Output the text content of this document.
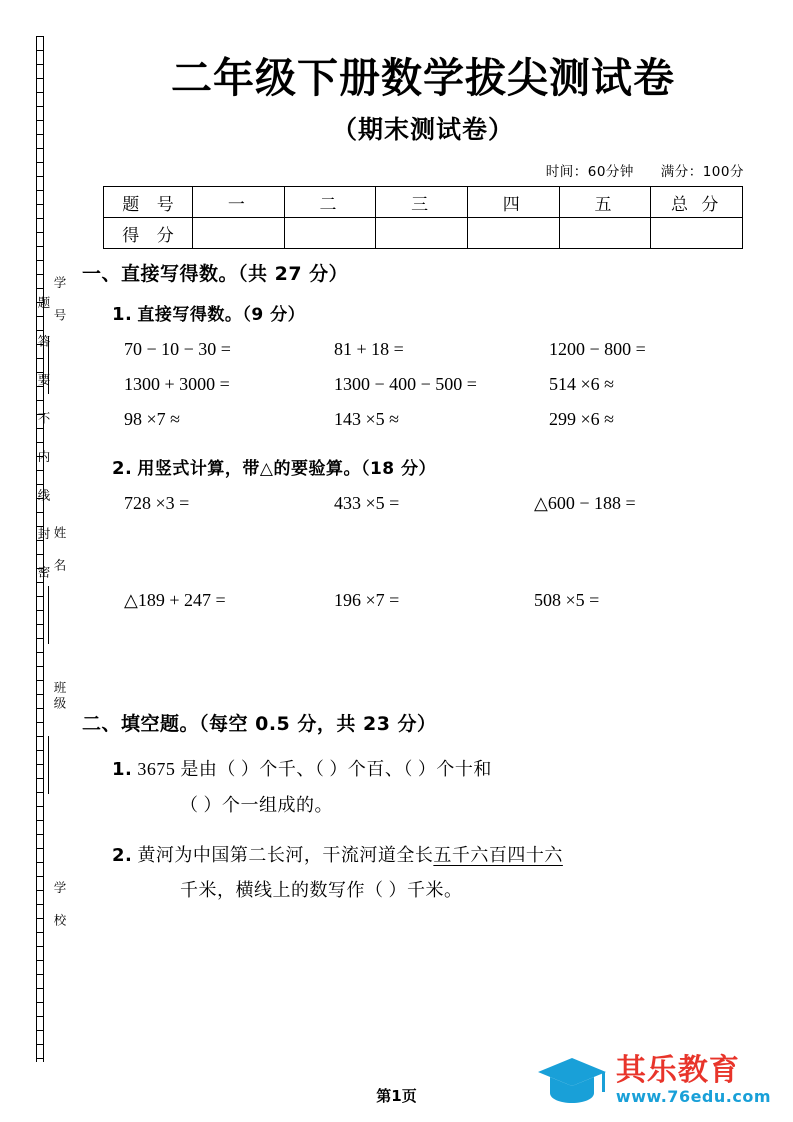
学 号
姓 名
班级
学 校
题 答 要 不 内 线 封 密
二年级下册数学拔尖测试卷
（期末测试卷）
时间：60分钟 满分：100分
题 号	一	二	三	四	五	总 分
得 分						
一、直接写得数。（共 27 分）
1. 直接写得数。（9 分）
70 − 10 − 30 =	81 + 18 =	1200 − 800 =
1300 + 3000 =	1300 − 400 − 500 =	514 ×6 ≈
98 ×7 ≈	143 ×5 ≈	299 ×6 ≈
2. 用竖式计算，带△的要验算。（18 分）
728 ×3 =	433 ×5 =	△600 − 188 =
△189 + 247 =	196 ×7 =	508 ×5 =
二、填空题。（每空 0.5 分，共 23 分）
1. 3675 是由（ ）个千、（ ）个百、（ ）个十和
（ ）个一组成的。
2. 黄河为中国第二长河，干流河道全长五千六百四十六
千米，横线上的数写作（ ）千米。
第1页
其乐教育
www.76edu.com
